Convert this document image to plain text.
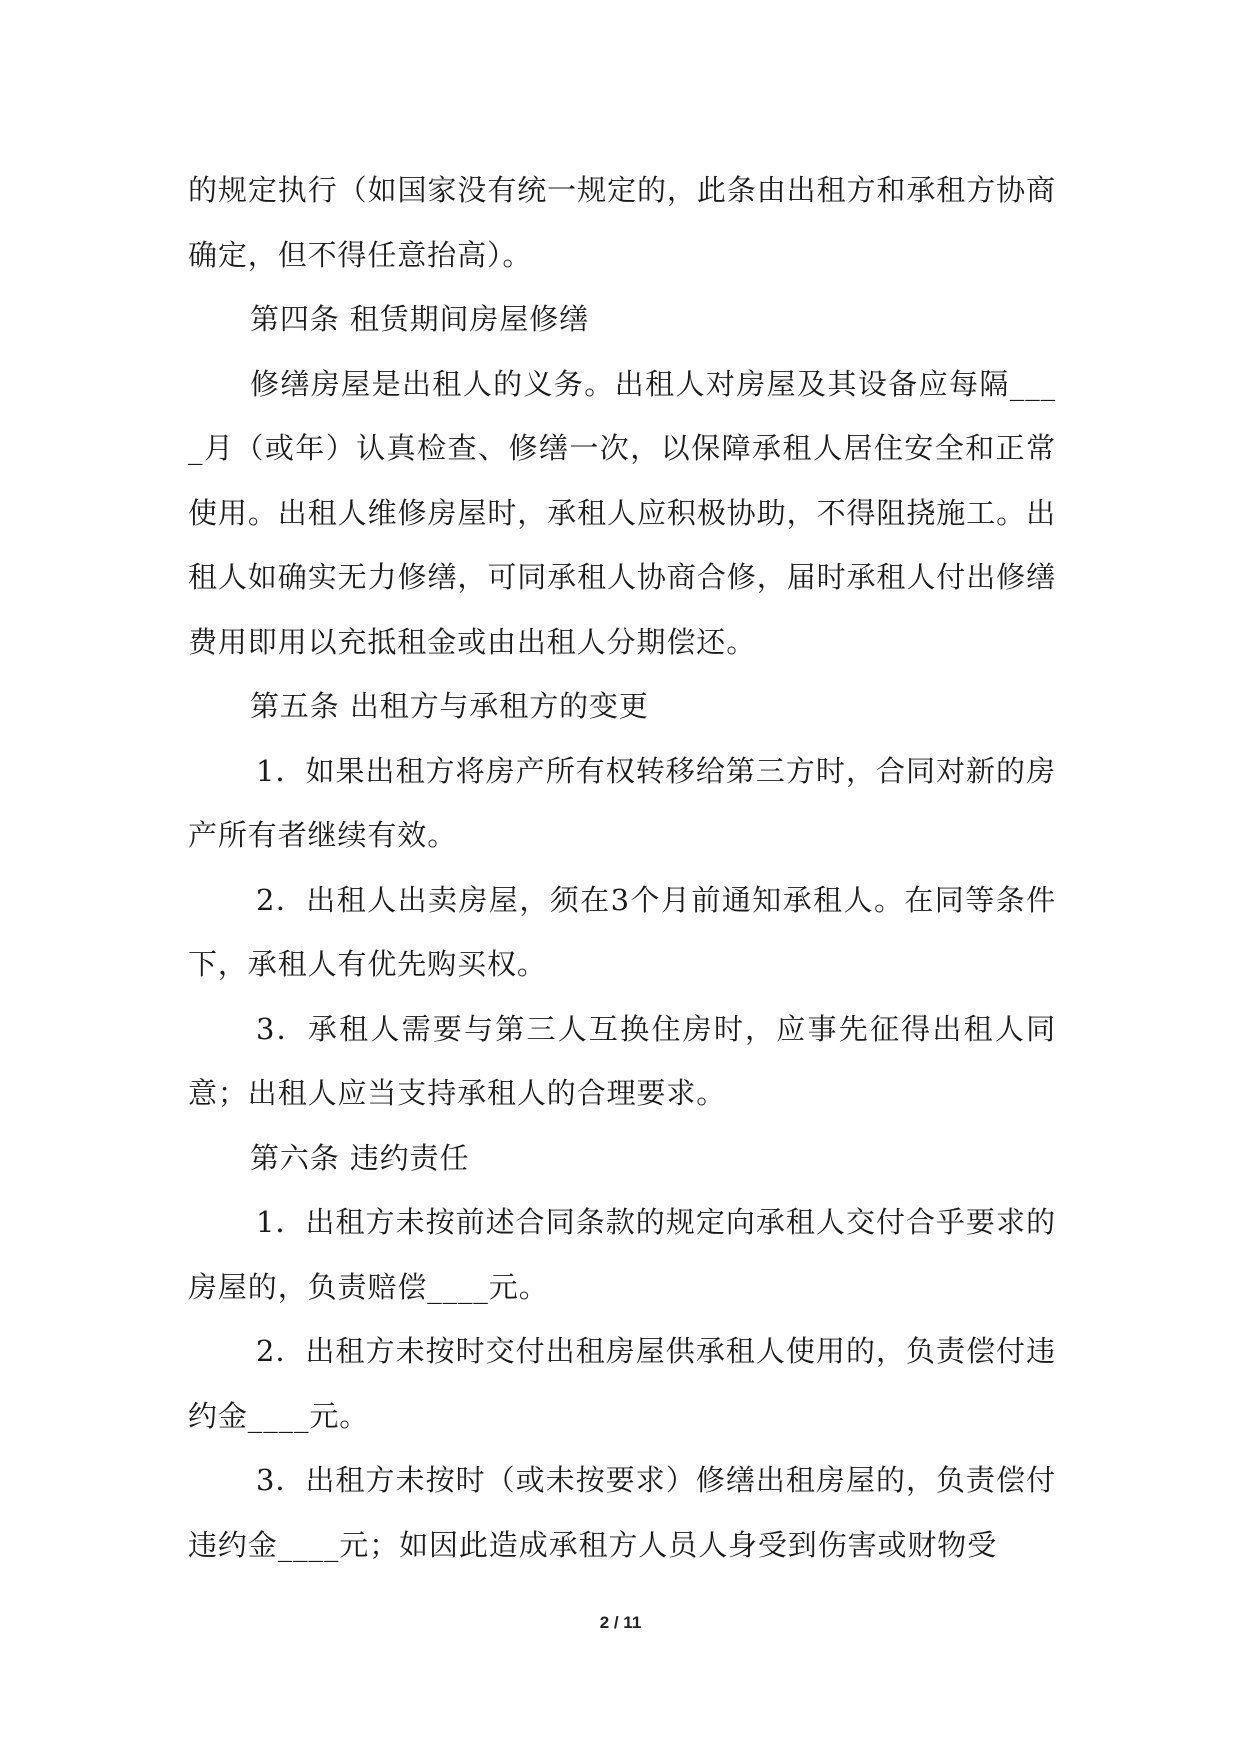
的规定执行（如国家没有统一规定的，此条由出租方和承租方协商确定，但不得任意抬高）。

第四条 租赁期间房屋修缮

修缮房屋是出租人的义务。出租人对房屋及其设备应每隔____月（或年）认真检查、修缮一次，以保障承租人居住安全和正常使用。出租人维修房屋时，承租人应积极协助，不得阻挠施工。出租人如确实无力修缮，可同承租人协商合修，届时承租人付出修缮费用即用以充抵租金或由出租人分期偿还。

第五条 出租方与承租方的变更

1．如果出租方将房产所有权转移给第三方时，合同对新的房产所有者继续有效。

2．出租人出卖房屋，须在3个月前通知承租人。在同等条件下，承租人有优先购买权。

3．承租人需要与第三人互换住房时，应事先征得出租人同意；出租人应当支持承租人的合理要求。

第六条 违约责任

1．出租方未按前述合同条款的规定向承租人交付合乎要求的房屋的，负责赔偿____元。

2．出租方未按时交付出租房屋供承租人使用的，负责偿付违约金____元。

3．出租方未按时（或未按要求）修缮出租房屋的，负责偿付违约金____元；如因此造成承租方人员人身受到伤害或财物受

2 / 11
